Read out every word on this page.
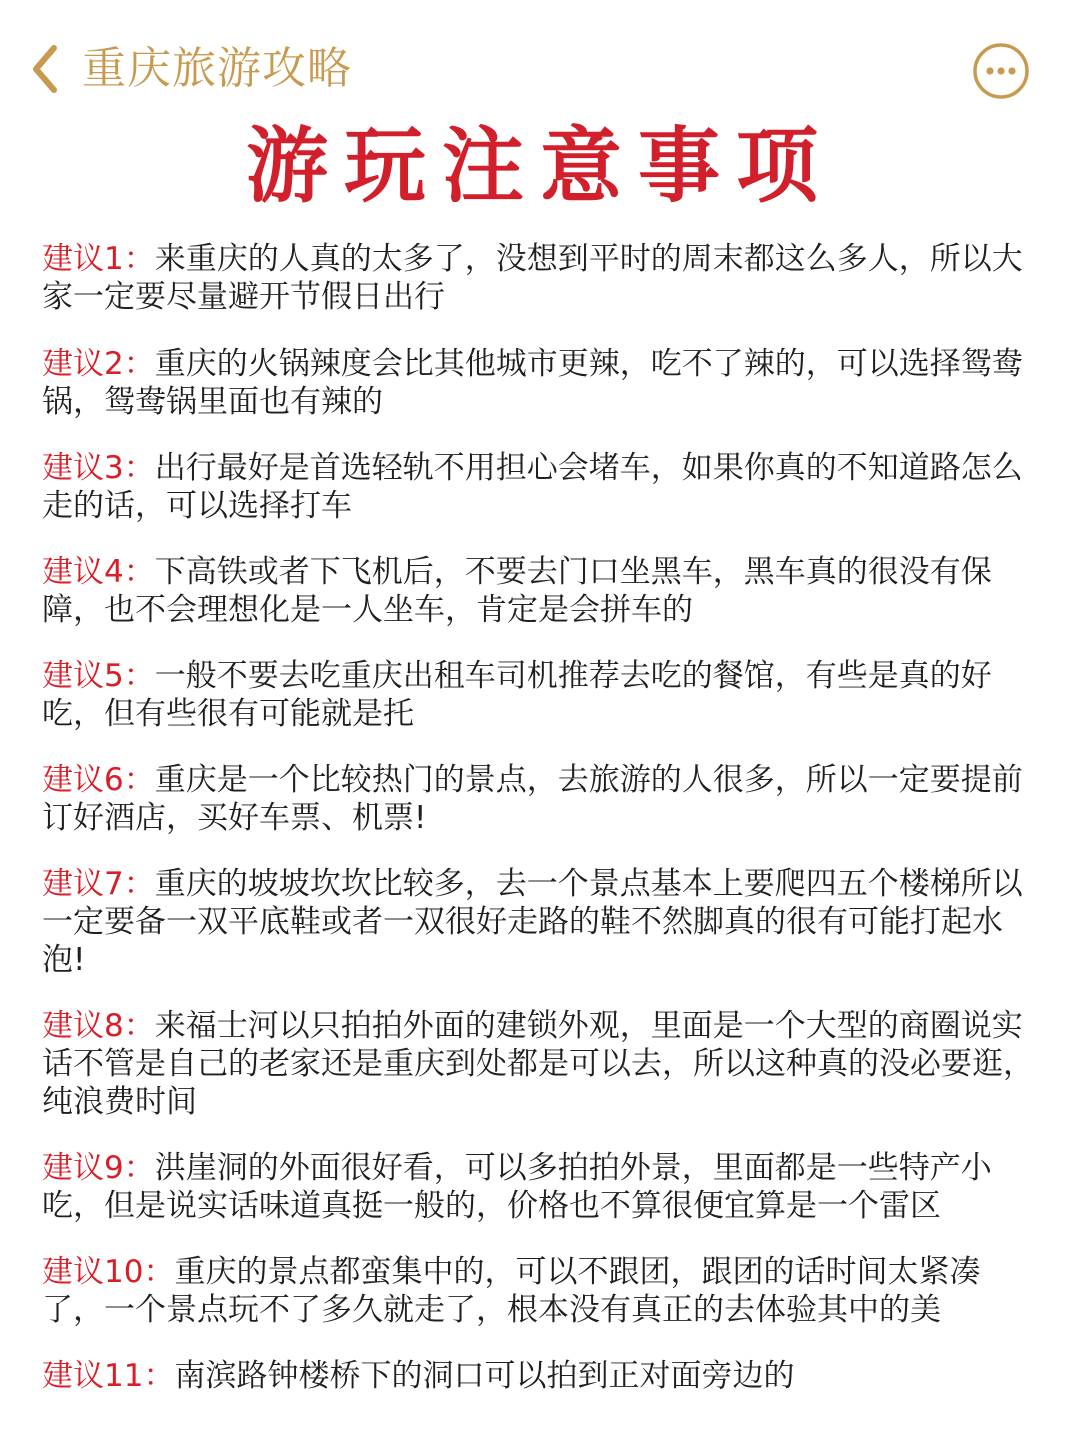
重庆旅游攻略
游玩注意事项
建议1：来重庆的人真的太多了，没想到平时的周末都这么多人，所以大家一定要尽量避开节假日出行
建议2：重庆的火锅辣度会比其他城市更辣，吃不了辣的，可以选择鸳鸯锅，鸳鸯锅里面也有辣的
建议3：出行最好是首选轻轨不用担心会堵车，如果你真的不知道路怎么走的话，可以选择打车
建议4：下高铁或者下飞机后，不要去门口坐黑车，黑车真的很没有保障，也不会理想化是一人坐车，肯定是会拼车的
建议5：一般不要去吃重庆出租车司机推荐去吃的餐馆，有些是真的好吃，但有些很有可能就是托
建议6：重庆是一个比较热门的景点，去旅游的人很多，所以一定要提前订好酒店，买好车票、机票!
建议7：重庆的坡坡坎坎比较多，去一个景点基本上要爬四五个楼梯所以一定要备一双平底鞋或者一双很好走路的鞋不然脚真的很有可能打起水泡!
建议8：来福士河以只拍拍外面的建锁外观，里面是一个大型的商圈说实话不管是自己的老家还是重庆到处都是可以去，所以这种真的没必要逛，纯浪费时间
建议9：洪崖洞的外面很好看，可以多拍拍外景，里面都是一些特产小吃，但是说实话味道真挺一般的，价格也不算很便宜算是一个雷区
建议10：重庆的景点都蛮集中的，可以不跟团，跟团的话时间太紧凑了，一个景点玩不了多久就走了，根本没有真正的去体验其中的美
建议11：南滨路钟楼桥下的洞口可以拍到正对面旁边的
